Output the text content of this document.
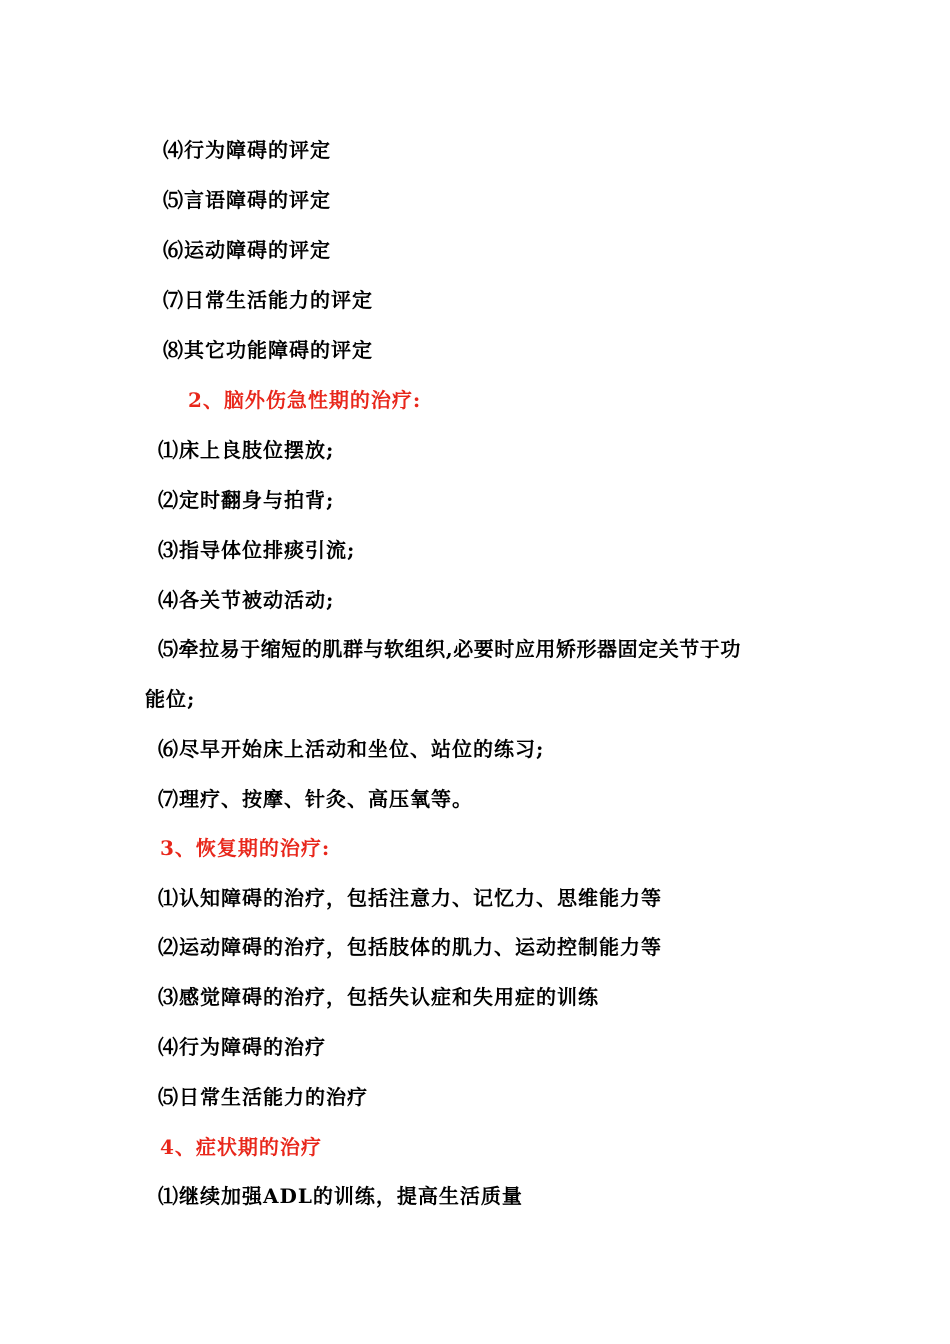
⑷行为障碍的评定
⑸言语障碍的评定
⑹运动障碍的评定
⑺日常生活能力的评定
⑻其它功能障碍的评定
2、脑外伤急性期的治疗:
⑴床上良肢位摆放;
⑵定时翻身与拍背;
⑶指导体位排痰引流;
⑷各关节被动活动;
⑸牵拉易于缩短的肌群与软组织,必要时应用矫形器固定关节于功
能位;
⑹尽早开始床上活动和坐位、站位的练习;
⑺理疗、按摩、针灸、高压氧等。
3、恢复期的治疗:
⑴认知障碍的治疗，包括注意力、记忆力、思维能力等
⑵运动障碍的治疗，包括肢体的肌力、运动控制能力等
⑶感觉障碍的治疗，包括失认症和失用症的训练
⑷行为障碍的治疗
⑸日常生活能力的治疗
4、症状期的治疗
⑴继续加强ADL的训练，提高生活质量
